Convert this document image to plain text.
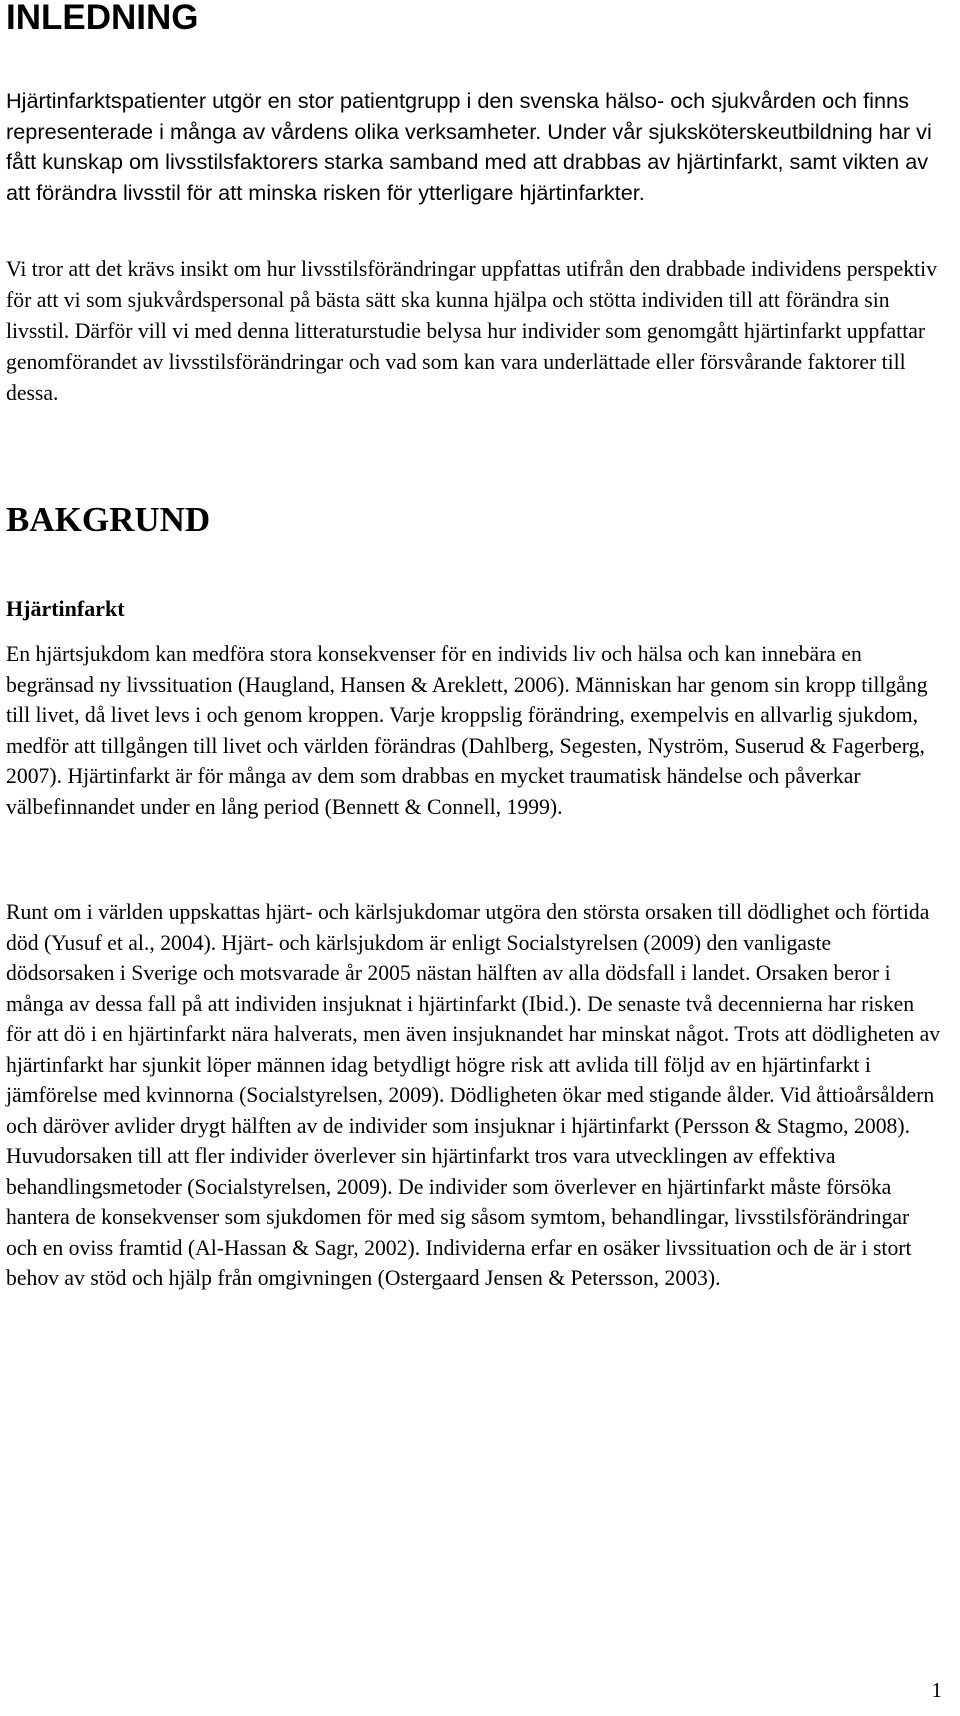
INLEDNING

Hjärtinfarktspatienter utgör en stor patientgrupp i den svenska hälso- och sjukvården och finns representerade i många av vårdens olika verksamheter. Under vår sjuksköterskeutbildning har vi fått kunskap om livsstilsfaktorers starka samband med att drabbas av hjärtinfarkt, samt vikten av att förändra livsstil för att minska risken för ytterligare hjärtinfarkter.

Vi tror att det krävs insikt om hur livsstilsförändringar uppfattas utifrån den drabbade individens perspektiv för att vi som sjukvårdspersonal på bästa sätt ska kunna hjälpa och stötta individen till att förändra sin livsstil. Därför vill vi med denna litteraturstudie belysa hur individer som genomgått hjärtinfarkt uppfattar genomförandet av livsstilsförändringar och vad som kan vara underlättade eller försvårande faktorer till dessa.

BAKGRUND
Hjärtinfarkt

En hjärtsjukdom kan medföra stora konsekvenser för en individs liv och hälsa och kan innebära en begränsad ny livssituation (Haugland, Hansen & Areklett, 2006). Människan har genom sin kropp tillgång till livet, då livet levs i och genom kroppen. Varje kroppslig förändring, exempelvis en allvarlig sjukdom, medför att tillgången till livet och världen förändras (Dahlberg, Segesten, Nyström, Suserud & Fagerberg, 2007). Hjärtinfarkt är för många av dem som drabbas en mycket traumatisk händelse och påverkar välbefinnandet under en lång period (Bennett & Connell, 1999).

Runt om i världen uppskattas hjärt- och kärlsjukdomar utgöra den största orsaken till dödlighet och förtida död (Yusuf et al., 2004). Hjärt- och kärlsjukdom är enligt Socialstyrelsen (2009) den vanligaste dödsorsaken i Sverige och motsvarade år 2005 nästan hälften av alla dödsfall i landet. Orsaken beror i många av dessa fall på att individen insjuknat i hjärtinfarkt (Ibid.). De senaste två decennierna har risken för att dö i en hjärtinfarkt nära halverats, men även insjuknandet har minskat något. Trots att dödligheten av hjärtinfarkt har sjunkit löper männen idag betydligt högre risk att avlida till följd av en hjärtinfarkt i jämförelse med kvinnorna (Socialstyrelsen, 2009). Dödligheten ökar med stigande ålder. Vid åttioårsåldern och däröver avlider drygt hälften av de individer som insjuknar i hjärtinfarkt (Persson & Stagmo, 2008). Huvudorsaken till att fler individer överlever sin hjärtinfarkt tros vara utvecklingen av effektiva behandlingsmetoder (Socialstyrelsen, 2009). De individer som överlever en hjärtinfarkt måste försöka hantera de konsekvenser som sjukdomen för med sig såsom symtom, behandlingar, livsstilsförändringar och en oviss framtid (Al-Hassan & Sagr, 2002). Individerna erfar en osäker livssituation och de är i stort behov av stöd och hjälp från omgivningen (Ostergaard Jensen & Petersson, 2003).

1
